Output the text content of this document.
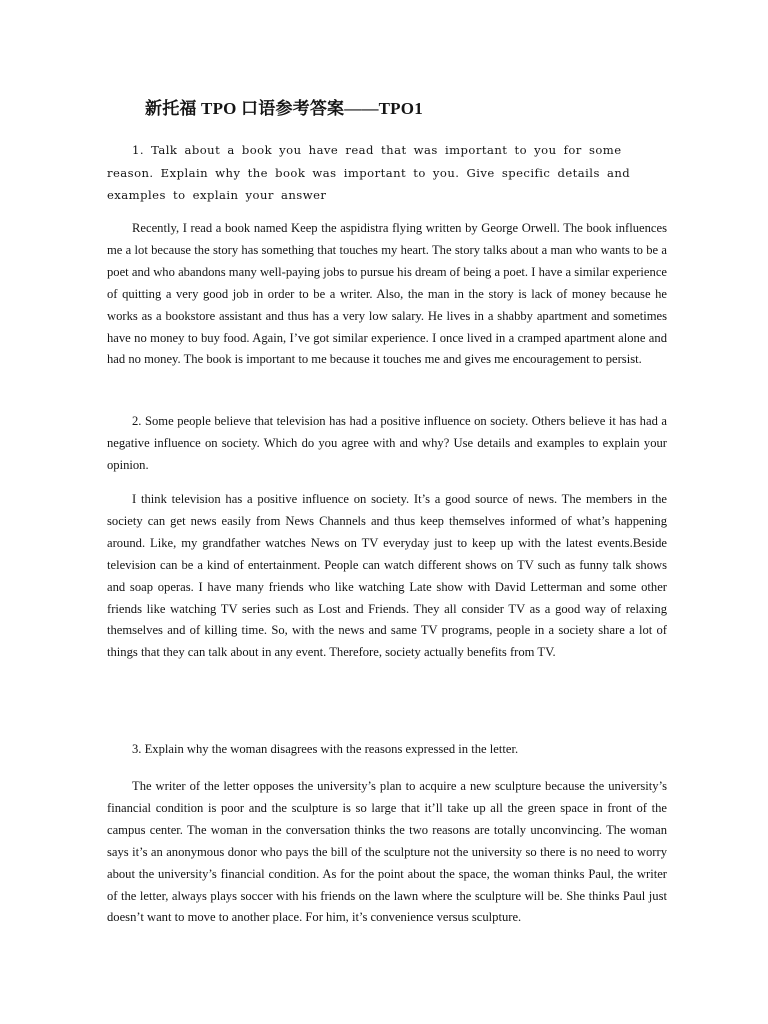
新托福 TPO 口语参考答案——TPO1
1. Talk about a book you have read that was important to you for some reason. Explain why the book was important to you. Give specific details and examples to explain your answer
Recently, I read a book named Keep the aspidistra flying written by George Orwell. The book influences me a lot because the story has something that touches my heart. The story talks about a man who wants to be a poet and who abandons many well-paying jobs to pursue his dream of being a poet. I have a similar experience of quitting a very good job in order to be a writer. Also, the man in the story is lack of money because he works as a bookstore assistant and thus has a very low salary. He lives in a shabby apartment and sometimes have no money to buy food. Again, I’ve got similar experience. I once lived in a cramped apartment alone and had no money. The book is important to me because it touches me and gives me encouragement to persist.
2. Some people believe that television has had a positive influence on society. Others believe it has had a negative influence on society. Which do you agree with and why? Use details and examples to explain your opinion.
I think television has a positive influence on society. It’s a good source of news. The members in the society can get news easily from News Channels and thus keep themselves informed of what’s happening around. Like, my grandfather watches News on TV everyday just to keep up with the latest events.Beside television can be a kind of entertainment. People can watch different shows on TV such as funny talk shows and soap operas. I have many friends who like watching Late show with David Letterman and some other friends like watching TV series such as Lost and Friends. They all consider TV as a good way of relaxing themselves and of killing time. So, with the news and same TV programs, people in a society share a lot of things that they can talk about in any event. Therefore, society actually benefits from TV.
3. Explain why the woman disagrees with the reasons expressed in the letter.
The writer of the letter opposes the university’s plan to acquire a new sculpture because the university’s financial condition is poor and the sculpture is so large that it’ll take up all the green space in front of the campus center. The woman in the conversation thinks the two reasons are totally unconvincing. The woman says it’s an anonymous donor who pays the bill of the sculpture not the university so there is no need to worry about the university’s financial condition. As for the point about the space, the woman thinks Paul, the writer of the letter, always plays soccer with his friends on the lawn where the sculpture will be. She thinks Paul just doesn’t want to move to another place. For him, it’s convenience versus sculpture.
